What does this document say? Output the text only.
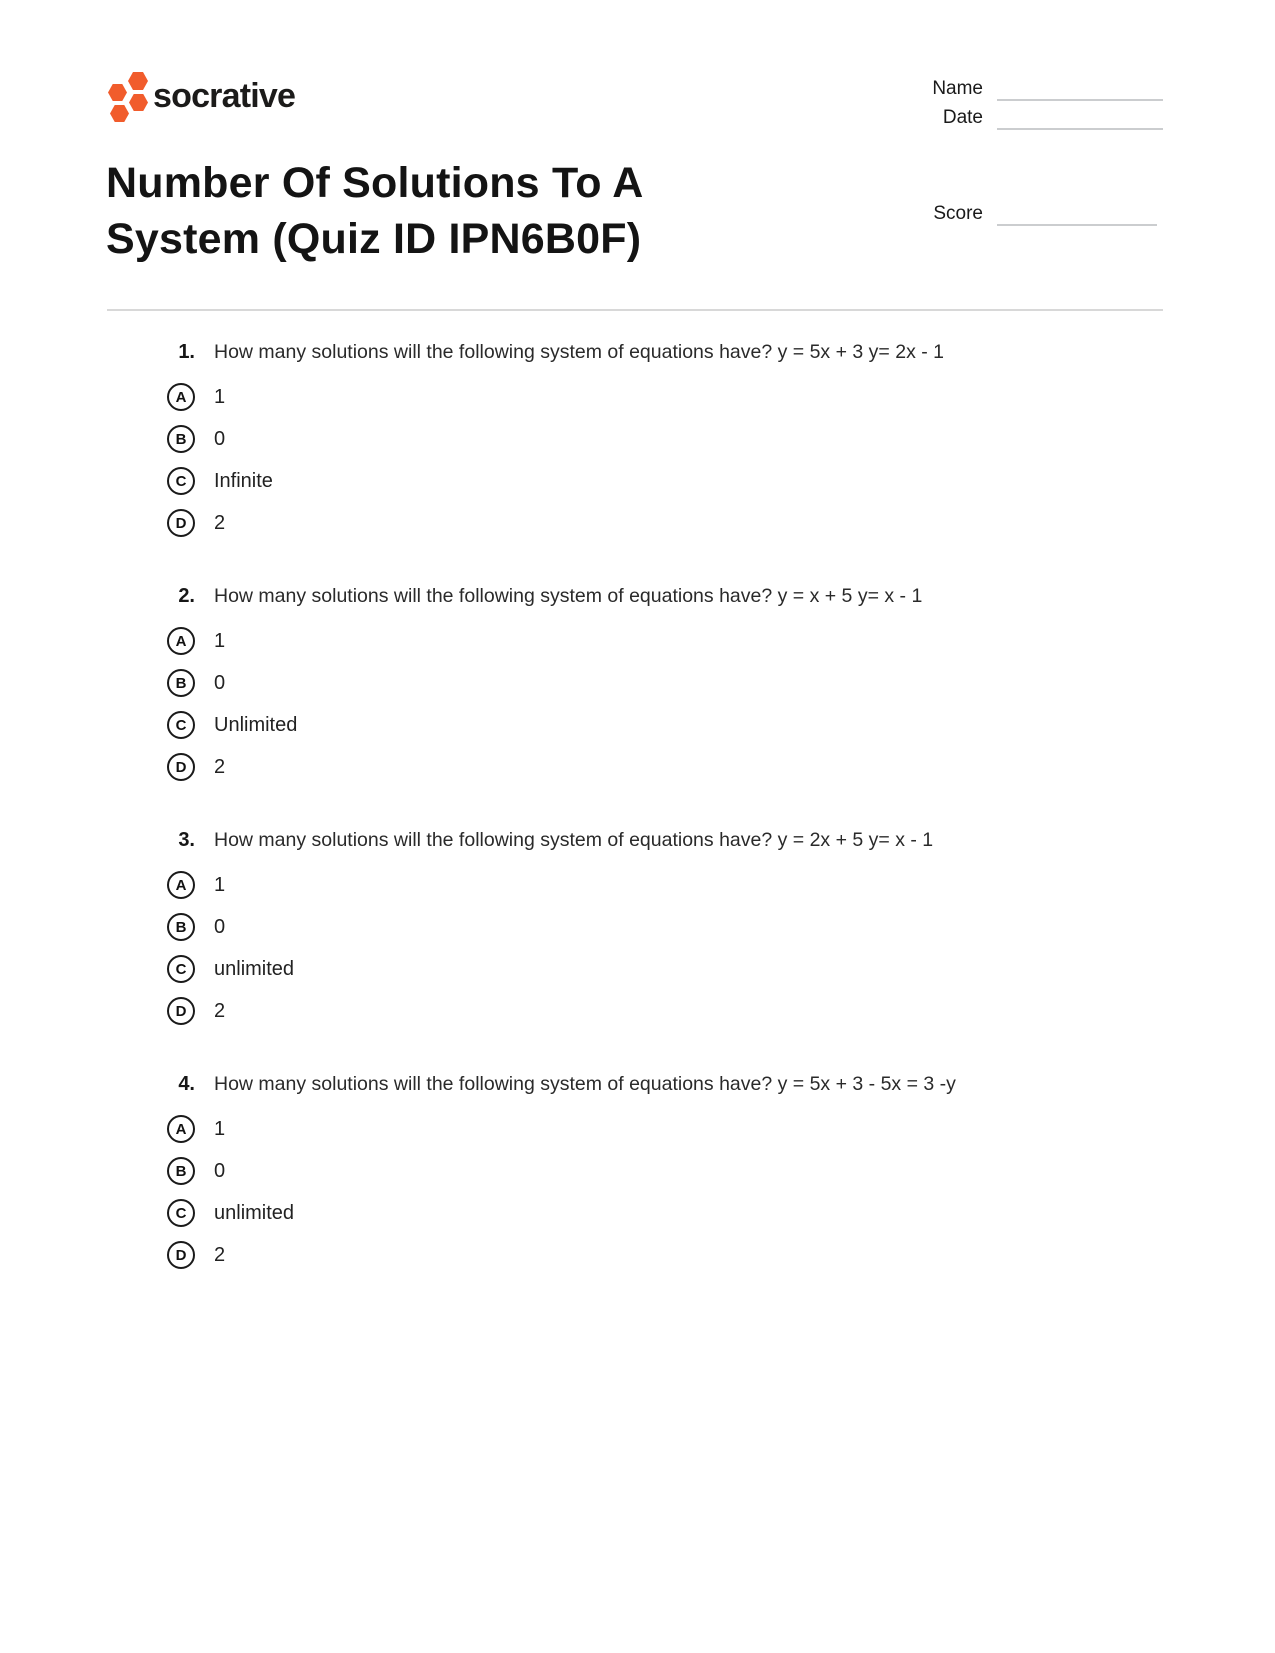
socrative	Name
Date
Number Of Solutions To A System (Quiz ID IPN6B0F)
Score
1. How many solutions will the following system of equations have? y = 5x + 3 y= 2x - 1
A	1
B	0
C	Infinite
D	2
2. How many solutions will the following system of equations have? y = x + 5 y= x - 1
A	1
B	0
C	Unlimited
D	2
3. How many solutions will the following system of equations have? y = 2x + 5 y= x - 1
A	1
B	0
C	unlimited
D	2
4. How many solutions will the following system of equations have? y = 5x + 3 - 5x = 3 -y
A	1
B	0
C	unlimited
D	2
